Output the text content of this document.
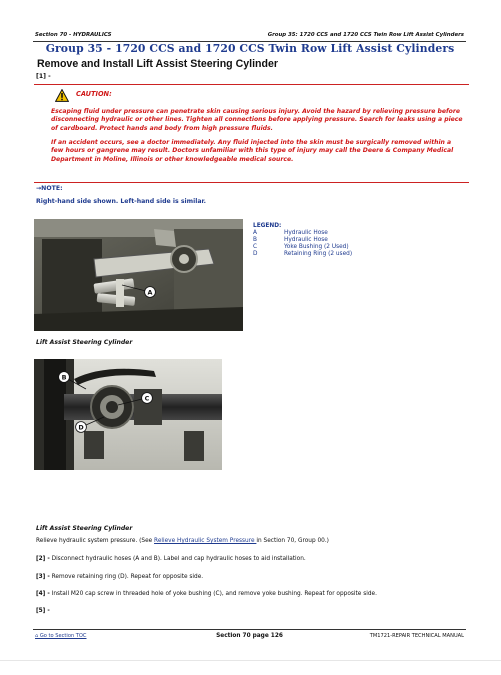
Section 70 - HYDRAULICS	Group 35: 1720 CCS and 1720 CCS Twin Row Lift Assist Cylinders
Group 35 - 1720 CCS and 1720 CCS Twin Row Lift Assist Cylinders
Remove and Install Lift Assist Steering Cylinder
[1] -
CAUTION:
Escaping fluid under pressure can penetrate skin causing serious injury. Avoid the hazard by relieving pressure before disconnecting hydraulic or other lines. Tighten all connections before applying pressure. Search for leaks using a piece of cardboard. Protect hands and body from high pressure fluids.
If an accident occurs, see a doctor immediately. Any fluid injected into the skin must be surgically removed within a few hours or gangrene may result. Doctors unfamiliar with this type of injury may call the Deere & Company Medical Department in Moline, Illinois or other knowledgeable medical source.
→NOTE:
Right-hand side shown. Left-hand side is similar.
A
LEGEND:
A	Hydraulic Hose
B	Hydraulic Hose
C	Yoke Bushing (2 Used)
D	Retaining Ring (2 used)
Lift Assist Steering Cylinder
B
C
D
Lift Assist Steering Cylinder
Relieve hydraulic system pressure. (See Relieve Hydraulic System Pressure in Section 70, Group 00.)
[2] - Disconnect hydraulic hoses (A and B). Label and cap hydraulic hoses to aid installation.
[3] - Remove retaining ring (D). Repeat for opposite side.
[4] - Install M20 cap screw in threaded hole of yoke bushing (C), and remove yoke bushing. Repeat for opposite side.
[5] -
⌂ Go to Section TOC	Section 70 page 126	TM1721-REPAIR TECHNICAL MANUAL
